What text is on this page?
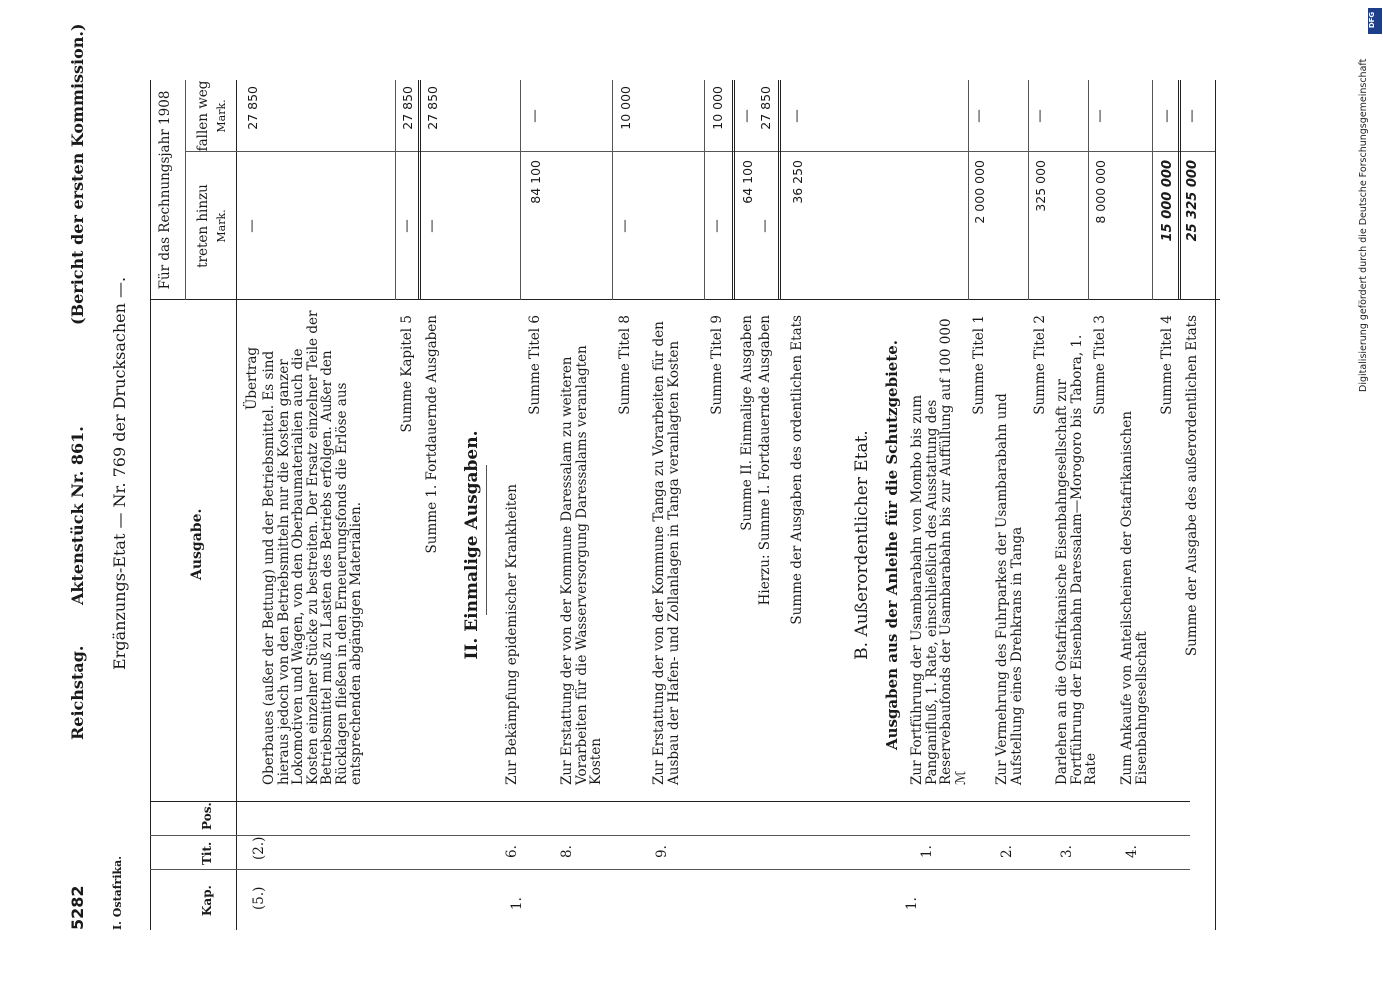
5282
Reichstag.
Aktenstück Nr. 861.
(Bericht der ersten Kommission.)
I. Ostafrika.
Ergänzungs-Etat — Nr. 769 der Drucksachen —.
Kap.
Tit.
Pos.
Ausgabe.
Für das Rechnungsjahr 1908 treten hinzu Mark.
fallen weg Mark.
(5.)
(2.)
Übertrag
—
27 850
Oberbaues (außer der Bettung) und der Betriebsmittel. Es sind hieraus jedoch von den Betriebsmitteln nur die Kosten ganzer Lokomotiven und Wagen, von den Oberbaumaterialien auch die Kosten einzelner Stücke zu bestreiten. Der Ersatz einzelner Teile der Betriebsmittel muß zu Lasten des Betriebs erfolgen. Außer den Rücklagen fließen in den Erneuerungsfonds die Erlöse aus entsprechenden abgängigen Materialien.
Summe Kapitel 5
—
27 850
Summe 1. Fortdauernde Ausgaben
—
27 850
II. Einmalige Ausgaben.
1.
6.
Zur Bekämpfung epidemischer Krankheiten
Summe Titel 6
84 100
—
8.
Zur Erstattung der von der Kommune Daressalam zu weiteren Vorarbeiten für die Wasserversorgung Daressalams veranlagten Kosten
Summe Titel 8
—
10 000
9.
Zur Erstattung der von der Kommune Tanga zu Vorarbeiten für den Ausbau der Hafen- und Zollanlagen in Tanga veranlagten Kosten Summe Titel 9
—
10 000
Summe II. Einmalige Ausgaben
64 100
—
Hierzu: Summe I. Fortdauernde Ausgaben
—
27 850
Summe der Ausgaben des ordentlichen Etats
36 250
—
B. Außerordentlicher Etat. Ausgaben aus der Anleihe für die Schutzgebiete.
1.
1.
Zur Fortführung der Usambarabahn von Mombo bis zum Panganifluß, 1. Rate, einschließlich des Ausstattung des Reservebaufonds der Usambarabahn bis zur Auffüllung auf 100 000 ℳ
Summe Titel 1
2 000 000
—
2.
Zur Vermehrung des Fuhrparkes der Usambarabahn und Aufstellung eines Drehkrans in Tanga
Summe Titel 2
325 000
—
3.
Darlehen an die Ostafrikanische Eisenbahngesellschaft zur Fortführung der Eisenbahn Daressalam—Morogoro bis Tabora, 1. Rate
Summe Titel 3
8 000 000
—
4.
Zum Ankaufe von Anteilscheinen der Ostafrikanischen Eisenbahngesellschaft
Summe Titel 4
15 000 000
—
Summe der Ausgabe des außerordentlichen Etats
25 325 000
—
DFG
Digitalisierung gefördert durch die Deutsche Forschungsgemeinschaft
